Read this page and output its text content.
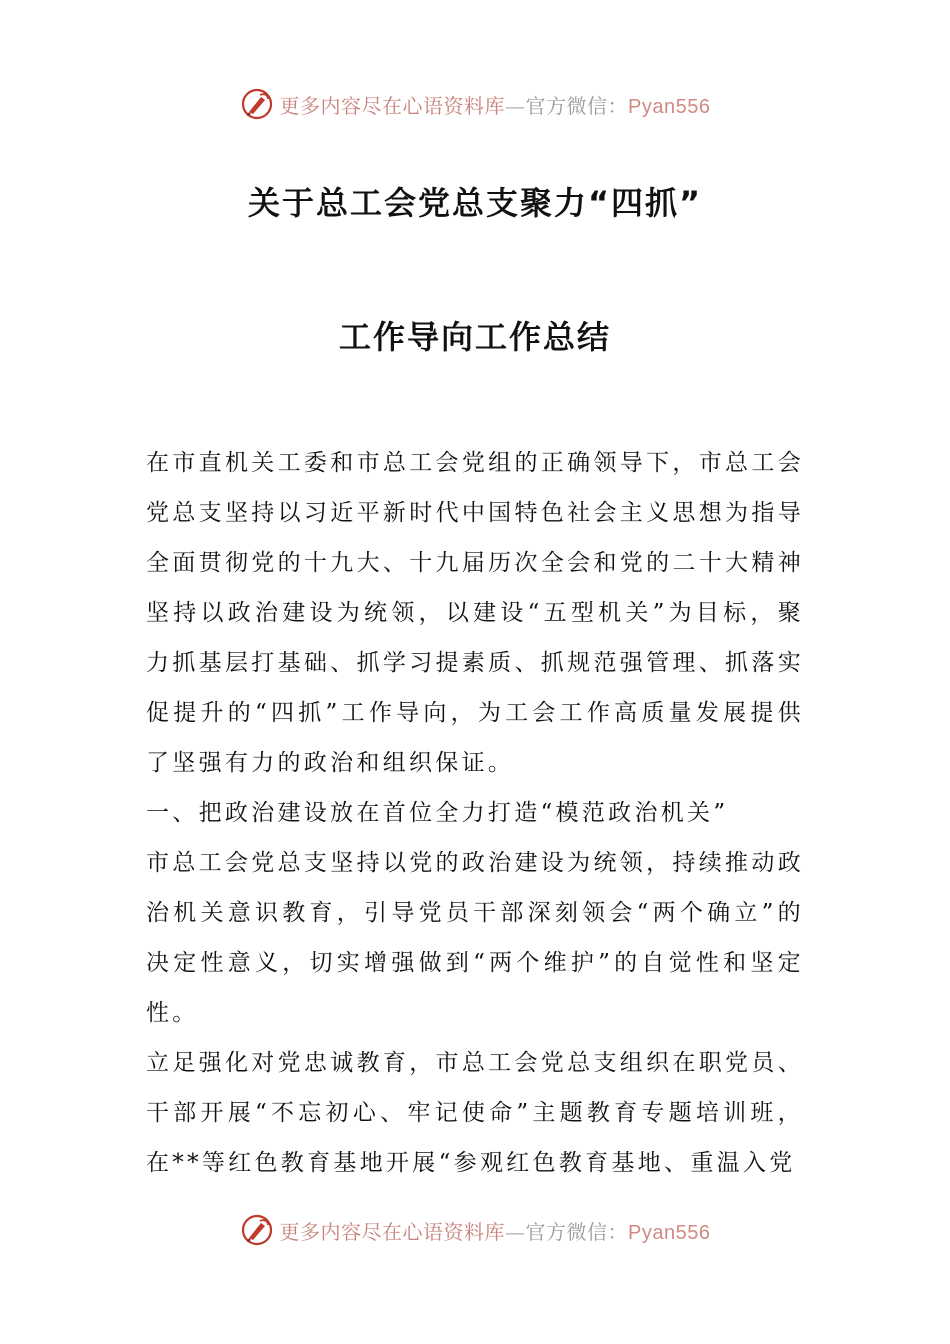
更多内容尽在心语资料库—官方微信：Pyan556
关于总工会党总支聚力“四抓”
工作导向工作总结

在市直机关工委和市总工会党组的正确领导下，市总工会党总支坚持以习近平新时代中国特色社会主义思想为指导全面贯彻党的十九大、十九届历次全会和党的二十大精神坚持以政治建设为统领，以建设“五型机关”为目标，聚力抓基层打基础、抓学习提素质、抓规范强管理、抓落实促提升的“四抓”工作导向，为工会工作高质量发展提供了坚强有力的政治和组织保证。

一、把政治建设放在首位全力打造“模范政治机关”

市总工会党总支坚持以党的政治建设为统领，持续推动政治机关意识教育，引导党员干部深刻领会“两个确立”的决定性意义，切实增强做到“两个维护”的自觉性和坚定性。

立足强化对党忠诚教育，市总工会党总支组织在职党员、干部开展“不忘初心、牢记使命”主题教育专题培训班，在**等红色教育基地开展“参观红色教育基地、重温入党

更多内容尽在心语资料库—官方微信：Pyan556
